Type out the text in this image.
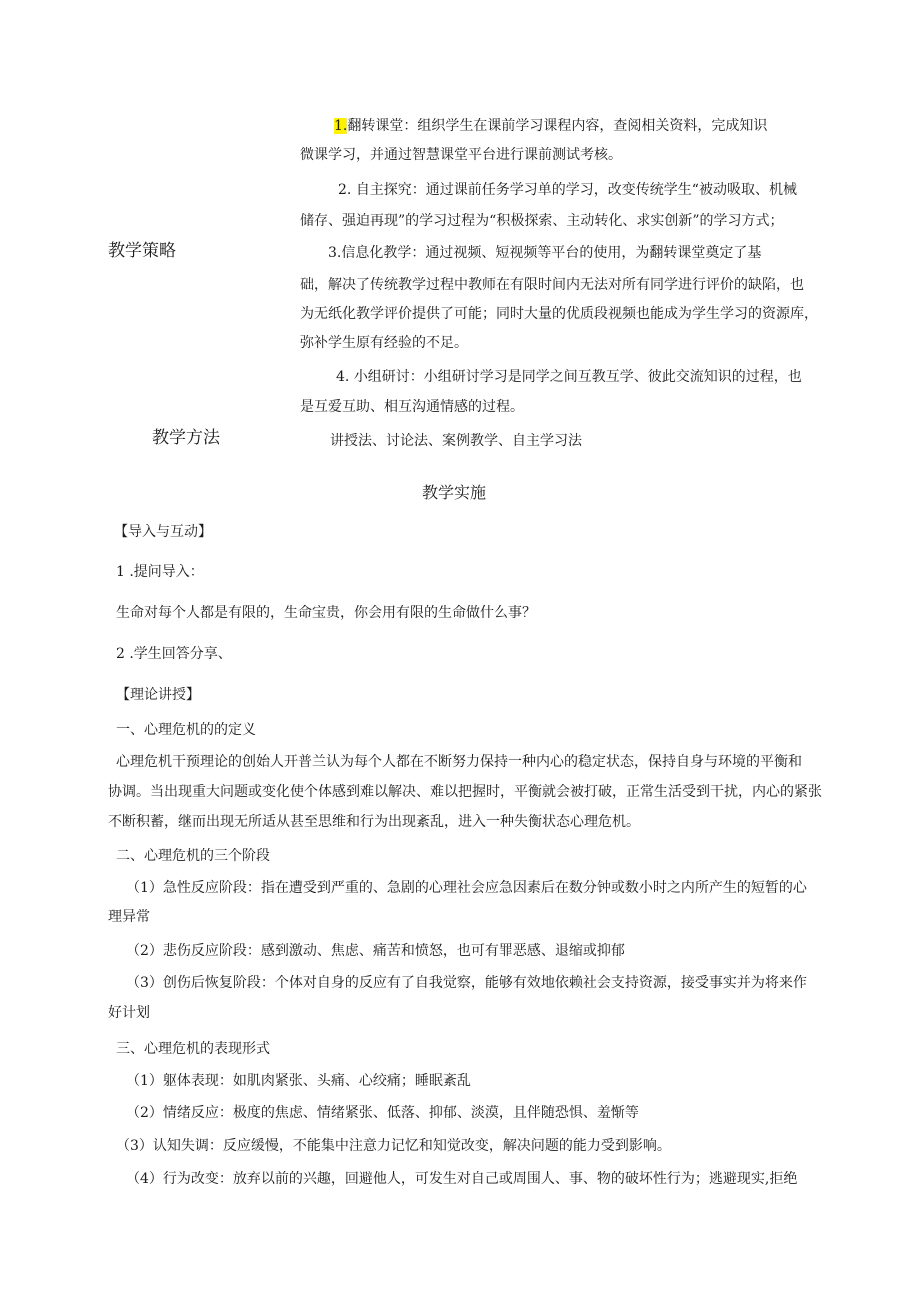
教学策略
1.翻转课堂：组织学生在课前学习课程内容，查阅相关资料，完成知识
微课学习，并通过智慧课堂平台进行课前测试考核。
2. 自主探究：通过课前任务学习单的学习，改变传统学生“被动吸取、机械
储存、强迫再现”的学习过程为“积极探索、主动转化、求实创新”的学习方式；
3.信息化教学：通过视频、短视频等平台的使用，为翻转课堂奠定了基
础，解决了传统教学过程中教师在有限时间内无法对所有同学进行评价的缺陷，也
为无纸化教学评价提供了可能；同时大量的优质段视频也能成为学生学习的资源库，
弥补学生原有经验的不足。
4. 小组研讨：小组研讨学习是同学之间互教互学、彼此交流知识的过程，也
是互爱互助、相互沟通情感的过程。
教学方法	讲授法、讨论法、案例教学、自主学习法
教学实施
【导入与互动】
1 .提问导入：
生命对每个人都是有限的，生命宝贵，你会用有限的生命做什么事？
2 .学生回答分享、
【理论讲授】
一、心理危机的的定义
心理危机干预理论的创始人开普兰认为每个人都在不断努力保持一种内心的稳定状态，保持自身与环境的平衡和
协调。当出现重大问题或变化使个体感到难以解决、难以把握时，平衡就会被打破，正常生活受到干扰，内心的紧张
不断积蓄，继而出现无所适从甚至思维和行为出现紊乱，进入一种失衡状态心理危机。
二、心理危机的三个阶段
（1）急性反应阶段：指在遭受到严重的、急剧的心理社会应急因素后在数分钟或数小时之内所产生的短暂的心
理异常
（2）悲伤反应阶段：感到激动、焦虑、痛苦和愤怒，也可有罪恶感、退缩或抑郁
（3）创伤后恢复阶段：个体对自身的反应有了自我觉察，能够有效地依赖社会支持资源，接受事实并为将来作
好计划
三、心理危机的表现形式
（1）躯体表现：如肌肉紧张、头痛、心绞痛；睡眠紊乱
（2）情绪反应：极度的焦虑、情绪紧张、低落、抑郁、淡漠，且伴随恐惧、羞惭等
（3）认知失调：反应缓慢，不能集中注意力记忆和知觉改变，解决问题的能力受到影响。
（4）行为改变：放弃以前的兴趣，回避他人，可发生对自己或周围人、事、物的破坏性行为；逃避现实,拒绝
